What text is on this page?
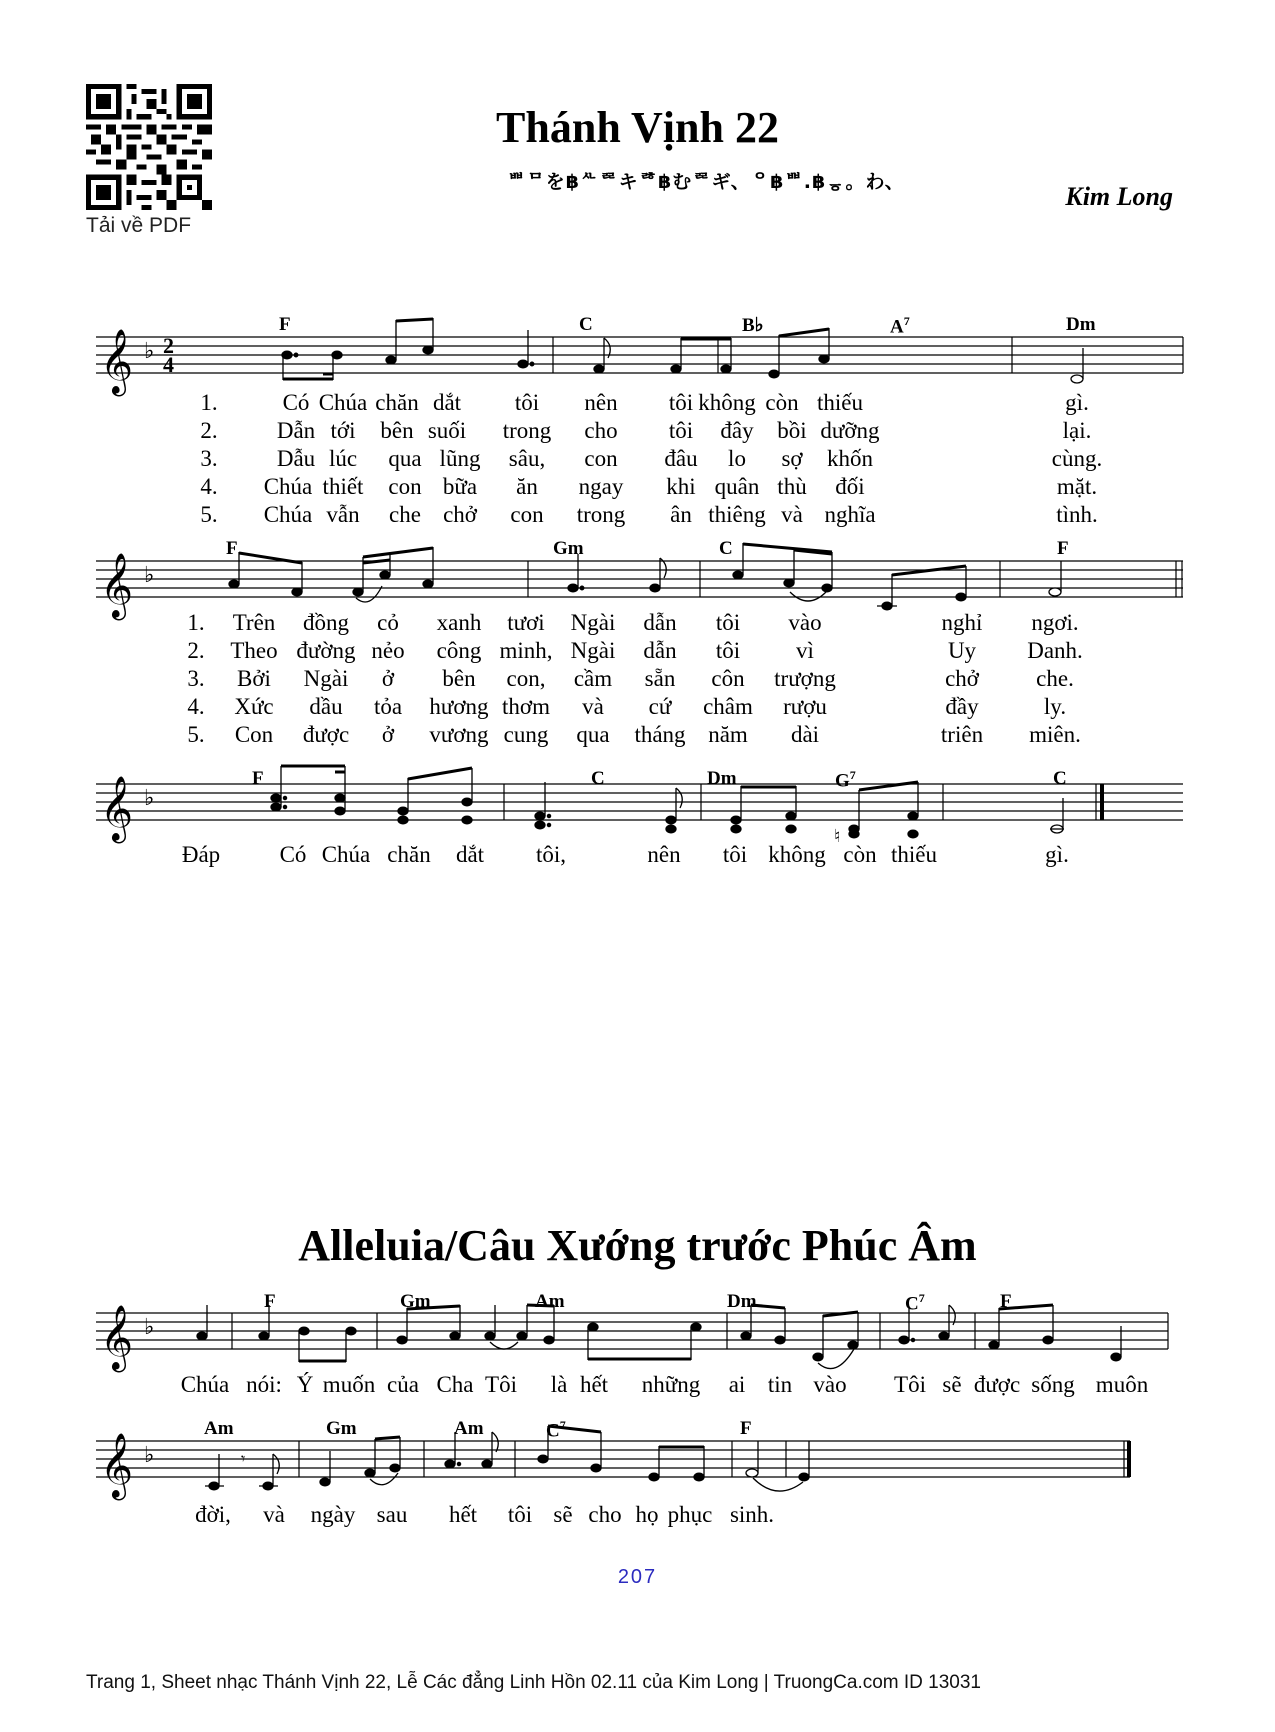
Tải về PDF
Thánh Vịnh 22
ᄈᄆを฿ᄮᄙキᄚ฿むᄙギ、ᄋ฿ᄈ.฿ᇹ。わ、	Kim Long
𝄞 ♭ 2
4
F	C	B♭	$A^7$	Dm
1.	Có Chúa chăn dắt tôi nên tôi không còn thiếu	gì.
2.	Dẫn tới bên suối trong cho tôi đây bồi dưỡng	lại.
3.	Dẫu lúc qua lũng sâu, con đâu lo sợ khốn	cùng.
4. Chúa thiết con bữa ăn ngay khi quân thù đối	mặt.
5. Chúa vẫn che chở con trong ân thiêng và nghĩa	tình.
𝄞 ♭
F	Gm	C	F
1. Trên đồng cỏ xanh tươi Ngài dẫn tôi vào	nghỉ ngơi.
2. Theo đường nẻo công minh, Ngài dẫn tôi vì	Uy Danh.
3. Bởi Ngài ở bên con, cầm sẵn côn trượng	chở che.
4. Xức dầu tỏa hương thơm và cứ châm rượu	đầy	ly.
5. Con được ở vương cung qua tháng năm dài	triên miên.
𝄞 ♭
♮
F	C	Dm	$G^7$	C
Đáp	Có Chúa chăn dắt tôi,	nên tôi không còn thiếu	gì.
Alleluia/Câu Xướng trước Phúc Âm
𝄞 ♭
F	Gm	Am	Dm	$C^7$	F
Chúa nói: Ý muốn của Cha Tôi là hết những ai tin vào Tôi sẽ được sống muôn
𝄞 ♭	𝄾
Am	Gm	Am	$C^7$	F
đời, và ngày sau hết tôi sẽ cho họ phục sinh.
207
Trang 1, Sheet nhạc Thánh Vịnh 22, Lễ Các đẳng Linh Hồn 02.11 của Kim Long | TruongCa.com ID 13031
